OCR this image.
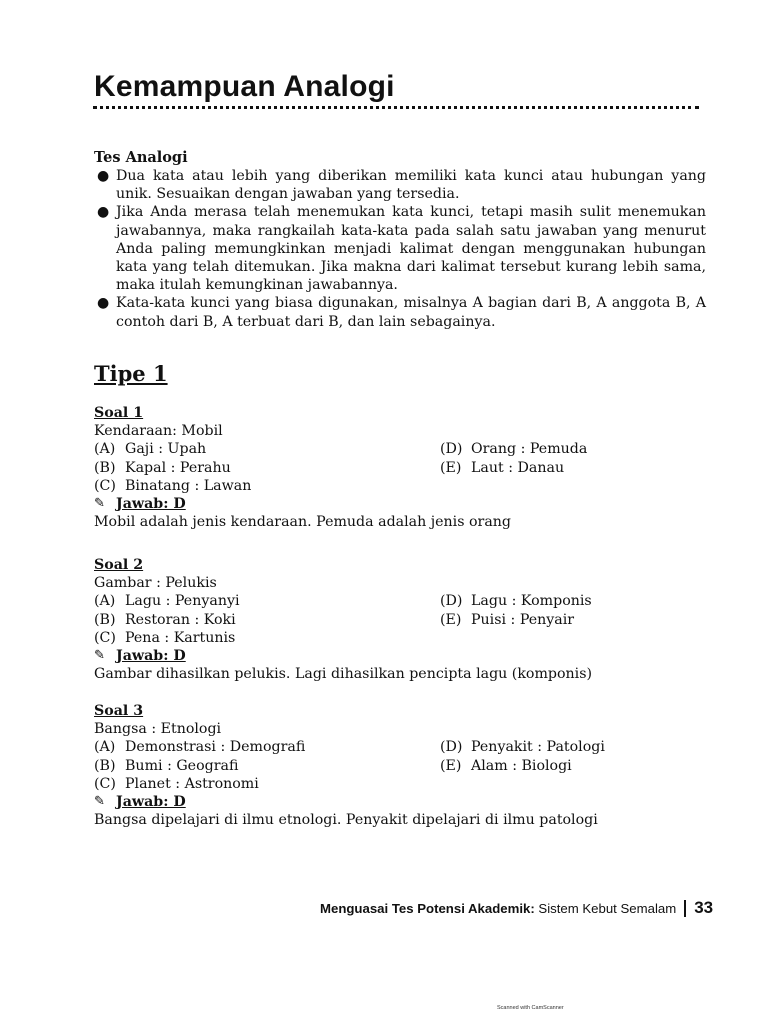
Kemampuan Analogi
Tes Analogi
● Dua kata atau lebih yang diberikan memiliki kata kunci atau hubungan yang unik. Sesuaikan dengan jawaban yang tersedia.
● Jika Anda merasa telah menemukan kata kunci, tetapi masih sulit menemukan jawabannya, maka rangkailah kata-kata pada salah satu jawaban yang menurut Anda paling memungkinkan menjadi kalimat dengan menggunakan hubungan kata yang telah ditemukan. Jika makna dari kalimat tersebut kurang lebih sama, maka itulah kemungkinan jawabannya.
● Kata-kata kunci yang biasa digunakan, misalnya A bagian dari B, A anggota B, A contoh dari B, A terbuat dari B, dan lain sebagainya.
Tipe 1
Soal 1
Kendaraan: Mobil
(A) Gaji : Upah	(D) Orang : Pemuda
(B) Kapal : Perahu	(E) Laut : Danau
(C) Binatang : Lawan
✎ Jawab: D
Mobil adalah jenis kendaraan. Pemuda adalah jenis orang
Soal 2
Gambar : Pelukis
(A) Lagu : Penyanyi	(D) Lagu : Komponis
(B) Restoran : Koki	(E) Puisi : Penyair
(C) Pena : Kartunis
✎ Jawab: D
Gambar dihasilkan pelukis. Lagi dihasilkan pencipta lagu (komponis)
Soal 3
Bangsa : Etnologi
(A) Demonstrasi : Demografi	(D) Penyakit : Patologi
(B) Bumi : Geografi	(E) Alam : Biologi
(C) Planet : Astronomi
✎ Jawab: D
Bangsa dipelajari di ilmu etnologi. Penyakit dipelajari di ilmu patologi
Menguasai Tes Potensi Akademik:
Sistem Kebut Semalam 33
Scanned with CamScanner
